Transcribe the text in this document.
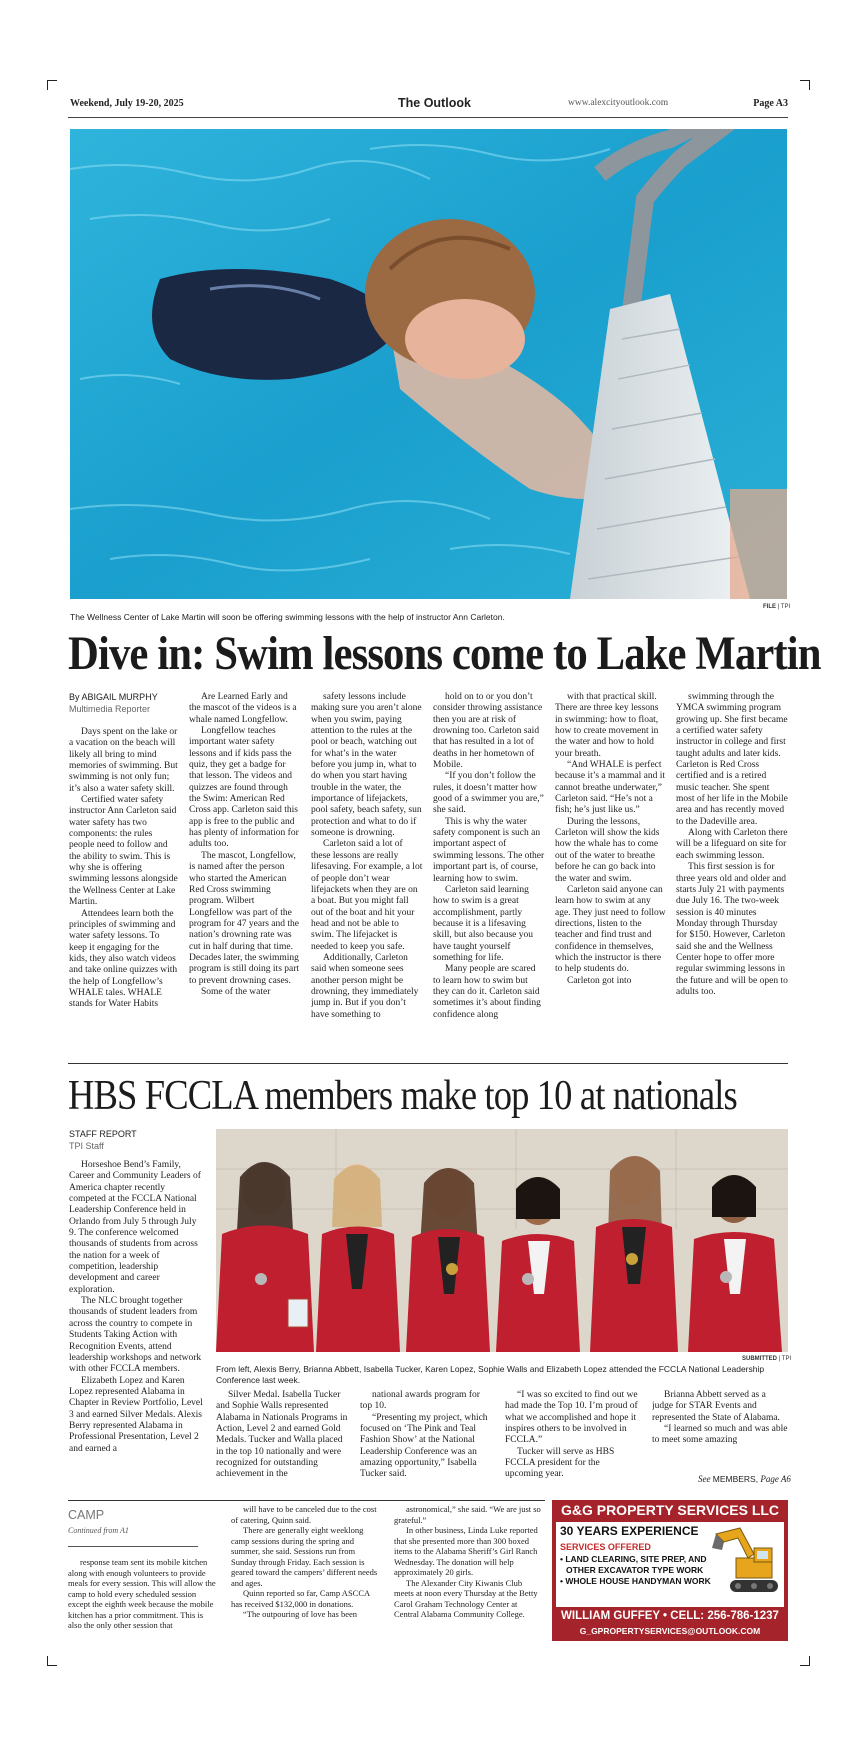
Weekend, July 19-20, 2025	The Outlook	www.alexcityoutlook.com	Page A3
FILE | TPI
The Wellness Center of Lake Martin will soon be offering swimming lessons with the help of instructor Ann Carleton.
Dive in: Swim lessons come to Lake Martin
By ABIGAIL MURPHY
Multimedia Reporter

Days spent on the lake or a vacation on the beach will likely all bring to mind memories of swimming. But swimming is not only fun; it’s also a water safety skill.

Certified water safety instructor Ann Carleton said water safety has two components: the rules people need to follow and the ability to swim. This is why she is offering swimming lessons alongside the Wellness Center at Lake Martin.

Attendees learn both the principles of swimming and water safety lessons. To keep it engaging for the kids, they also watch videos and take online quizzes with the help of Longfellow’s WHALE tales. WHALE stands for Water Habits

Are Learned Early and the mascot of the videos is a whale named Longfellow.

Longfellow teaches important water safety lessons and if kids pass the quiz, they get a badge for that lesson. The videos and quizzes are found through the Swim: American Red Cross app. Carleton said this app is free to the public and has plenty of information for adults too.

The mascot, Longfellow, is named after the person who started the American Red Cross swimming program. Wilbert Longfellow was part of the program for 47 years and the nation’s drowning rate was cut in half during that time. Decades later, the swimming program is still doing its part to prevent drowning cases.

Some of the water

safety lessons include making sure you aren’t alone when you swim, paying attention to the rules at the pool or beach, watching out for what’s in the water before you jump in, what to do when you start having trouble in the water, the importance of lifejackets, pool safety, beach safety, sun protection and what to do if someone is drowning.

Carleton said a lot of these lessons are really lifesaving. For example, a lot of people don’t wear lifejackets when they are on a boat. But you might fall out of the boat and hit your head and not be able to swim. The lifejacket is needed to keep you safe.

Additionally, Carleton said when someone sees another person might be drowning, they immediately jump in. But if you don’t have something to

hold on to or you don’t consider throwing assistance then you are at risk of drowning too. Carleton said that has resulted in a lot of deaths in her hometown of Mobile.

“If you don’t follow the rules, it doesn’t matter how good of a swimmer you are,” she said.

This is why the water safety component is such an important aspect of swimming lessons. The other important part is, of course, learning how to swim.

Carleton said learning how to swim is a great accomplishment, partly because it is a lifesaving skill, but also because you have taught yourself something for life.

Many people are scared to learn how to swim but they can do it. Carleton said sometimes it’s about finding confidence along

with that practical skill. There are three key lessons in swimming: how to float, how to create movement in the water and how to hold your breath.

“And WHALE is perfect because it’s a mammal and it cannot breathe underwater,” Carleton said. “He’s not a fish; he’s just like us.”

During the lessons, Carleton will show the kids how the whale has to come out of the water to breathe before he can go back into the water and swim.

Carleton said anyone can learn how to swim at any age. They just need to follow directions, listen to the teacher and find trust and confidence in themselves, which the instructor is there to help students do.

Carleton got into

swimming through the YMCA swimming program growing up. She first became a certified water safety instructor in college and first taught adults and later kids. Carleton is Red Cross certified and is a retired music teacher. She spent most of her life in the Mobile area and has recently moved to the Dadeville area.

Along with Carleton there will be a lifeguard on site for each swimming lesson.

This first session is for three years old and older and starts July 21 with payments due July 16. The two-week session is 40 minutes Monday through Thursday for $150. However, Carleton said she and the Wellness Center hope to offer more regular swimming lessons in the future and will be open to adults too.

HBS FCCLA members make top 10 at nationals
STAFF REPORT
TPI Staff

Horseshoe Bend’s Family, Career and Community Leaders of America chapter recently competed at the FCCLA National Leadership Conference held in Orlando from July 5 through July 9. The conference welcomed thousands of students from across the nation for a week of competition, leadership development and career exploration.

The NLC brought together thousands of student leaders from across the country to compete in Students Taking Action with Recognition Events, attend leadership workshops and network with other FCCLA members.

Elizabeth Lopez and Karen Lopez represented Alabama in Chapter in Review Portfolio, Level 3 and earned Silver Medals. Alexis Berry represented Alabama in Professional Presentation, Level 2 and earned a

SUBMITTED | TPI
From left, Alexis Berry, Brianna Abbett, Isabella Tucker, Karen Lopez, Sophie Walls and Elizabeth Lopez attended the FCCLA National Leadership Conference last week.

Silver Medal. Isabella Tucker and Sophie Walls represented Alabama in Nationals Programs in Action, Level 2 and earned Gold Medals. Tucker and Walla placed in the top 10 nationally and were recognized for outstanding achievement in the

national awards program for top 10.

“Presenting my project, which focused on ‘The Pink and Teal Fashion Show’ at the National Leadership Conference was an amazing opportunity,” Isabella Tucker said.

“I was so excited to find out we had made the Top 10. I’m proud of what we accomplished and hope it inspires others to be involved in FCCLA.”

Tucker will serve as HBS FCCLA president for the upcoming year.

Brianna Abbett served as a judge for STAR Events and represented the State of Alabama.

“I learned so much and was able to meet some amazing

See MEMBERS, Page A6
CAMP
Continued from A1

response team sent its mobile kitchen along with enough volunteers to provide meals for every session. This will allow the camp to hold every scheduled session except the eighth week because the mobile kitchen has a prior commitment. This is also the only other session that

will have to be canceled due to the cost of catering, Quinn said.

There are generally eight weeklong camp sessions during the spring and summer, she said. Sessions run from Sunday through Friday. Each session is geared toward the campers’ different needs and ages.

Quinn reported so far, Camp ASCCA has received $132,000 in donations.

“The outpouring of love has been

astronomical,” she said. “We are just so grateful.”

In other business, Linda Luke reported that she presented more than 300 boxed items to the Alabama Sheriff’s Girl Ranch Wednesday. The donation will help approximately 20 girls.

The Alexander City Kiwanis Club meets at noon every Thursday at the Betty Carol Graham Technology Center at Central Alabama Community College.

G&G PROPERTY SERVICES LLC
30 YEARS EXPERIENCE
SERVICES OFFERED
• LAND CLEARING, SITE PREP, AND
OTHER EXCAVATOR TYPE WORK
• WHOLE HOUSE HANDYMAN WORK
WILLIAM GUFFEY • CELL: 256-786-1237
G_GPROPERTYSERVICES@OUTLOOK.COM
